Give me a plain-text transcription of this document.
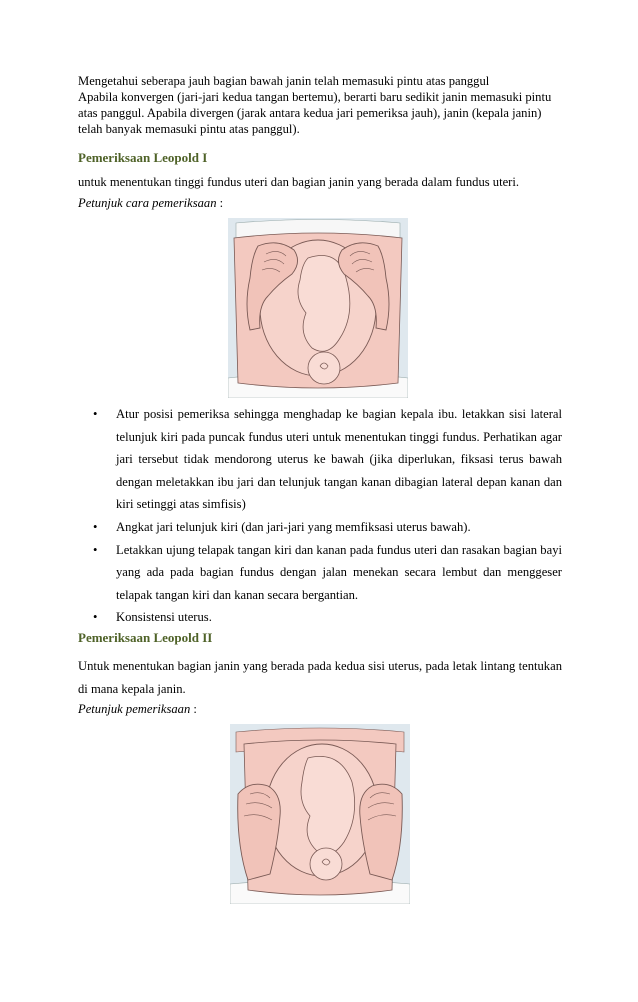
Mengetahui seberapa jauh bagian bawah janin telah memasuki pintu atas panggul
Apabila konvergen (jari-jari kedua tangan bertemu), berarti baru sedikit janin memasuki pintu
atas panggul. Apabila divergen (jarak antara kedua jari pemeriksa jauh), janin (kepala janin)
telah banyak memasuki pintu atas panggul).
Pemeriksaan Leopold I

untuk menentukan tinggi fundus uteri dan bagian janin yang berada dalam fundus uteri.

Petunjuk cara pemeriksaan :

• Atur posisi pemeriksa sehingga menghadap ke bagian kepala ibu. letakkan sisi lateral telunjuk kiri pada puncak fundus uteri untuk menentukan tinggi fundus. Perhatikan agar jari tersebut tidak mendorong uterus ke bawah (jika diperlukan, fiksasi terus bawah dengan meletakkan ibu jari dan telunjuk tangan kanan dibagian lateral depan kanan dan kiri setinggi atas simfisis)
• Angkat jari telunjuk kiri (dan jari-jari yang memfiksasi uterus bawah).
• Letakkan ujung telapak tangan kiri dan kanan pada fundus uteri dan rasakan bagian bayi yang ada pada bagian fundus dengan jalan menekan secara lembut dan menggeser telapak tangan kiri dan kanan secara bergantian.
• Konsistensi uterus.
Pemeriksaan Leopold II

Untuk menentukan bagian janin yang berada pada kedua sisi uterus, pada letak lintang tentukan di mana kepala janin.

Petunjuk pemeriksaan :
